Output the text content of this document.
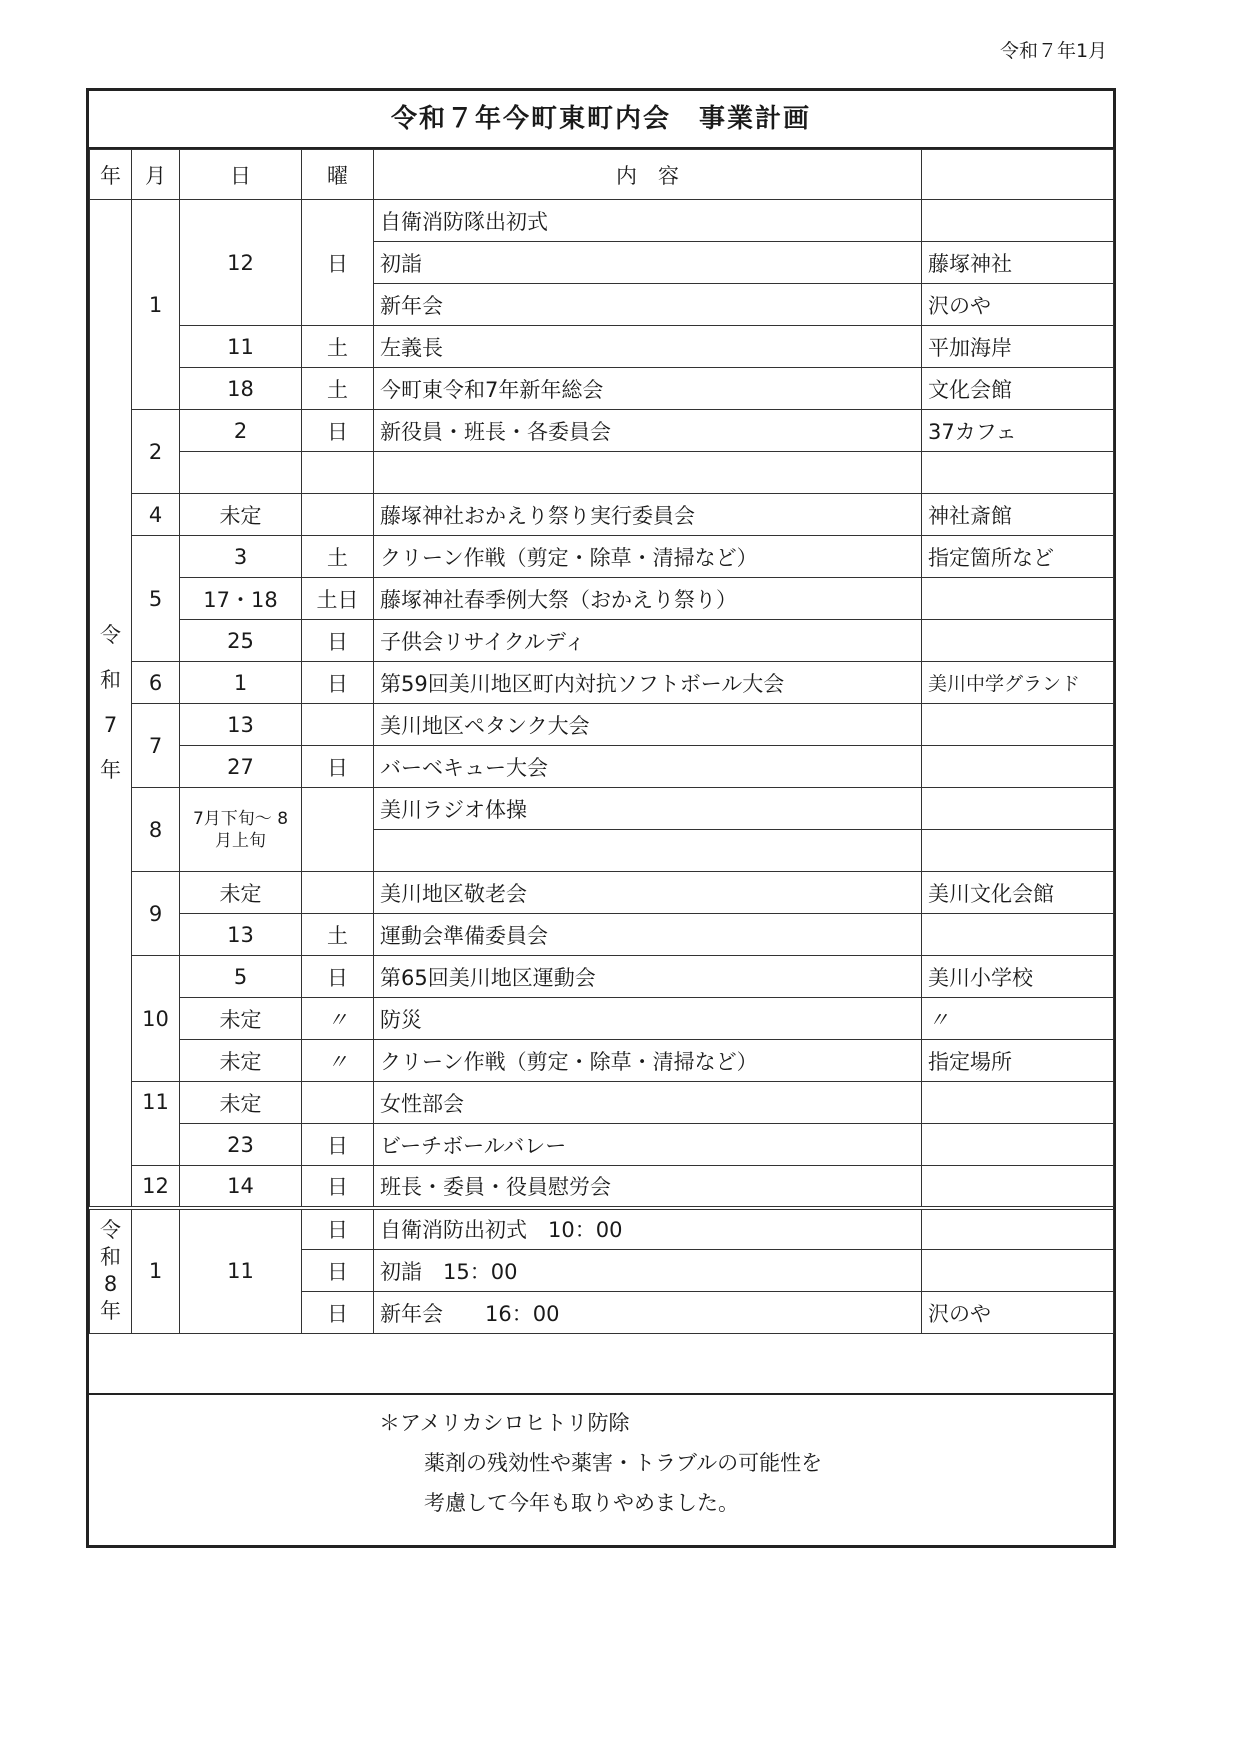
令和７年1月
令和７年今町東町内会　事業計画
年	月	日	曜	内　容	
令
和
7
年	1	12	日	自衛消防隊出初式	
				初詣	藤塚神社
				新年会	沢のや
		11	土	左義長	平加海岸
		18	土	今町東令和7年新年総会	文化会館
	2	2	日	新役員・班長・各委員会	37カフェ

	4	未定		藤塚神社おかえり祭り実行委員会	神社斎館
	5	3	土	クリーン作戦（剪定・除草・清掃など）	指定箇所など
		17・18	土日	藤塚神社春季例大祭（おかえり祭り）	
		25	日	子供会リサイクルディ	
	6	1	日	第59回美川地区町内対抗ソフトボール大会	美川中学グランド
	7	13		美川地区ペタンク大会	
		27	日	バーベキュー大会	
	8	7月下旬～ 8月上旬		美川ラジオ体操	

	9	未定		美川地区敬老会	美川文化会館
		13	土	運動会準備委員会	
	10	5	日	第65回美川地区運動会	美川小学校
		未定	〃	防災	〃
		未定	〃	クリーン作戦（剪定・除草・清掃など）	指定場所
	11	未定		女性部会	
		23	日	ビーチボールバレー	
	12	14	日	班長・委員・役員慰労会	
令
和
8
年	1	11	日	自衛消防出初式　10：00	
			日	初詣　15：00	
			日	新年会　　16：00	沢のや
＊アメリカシロヒトリ防除
薬剤の残効性や薬害・トラブルの可能性を
考慮して今年も取りやめました。
